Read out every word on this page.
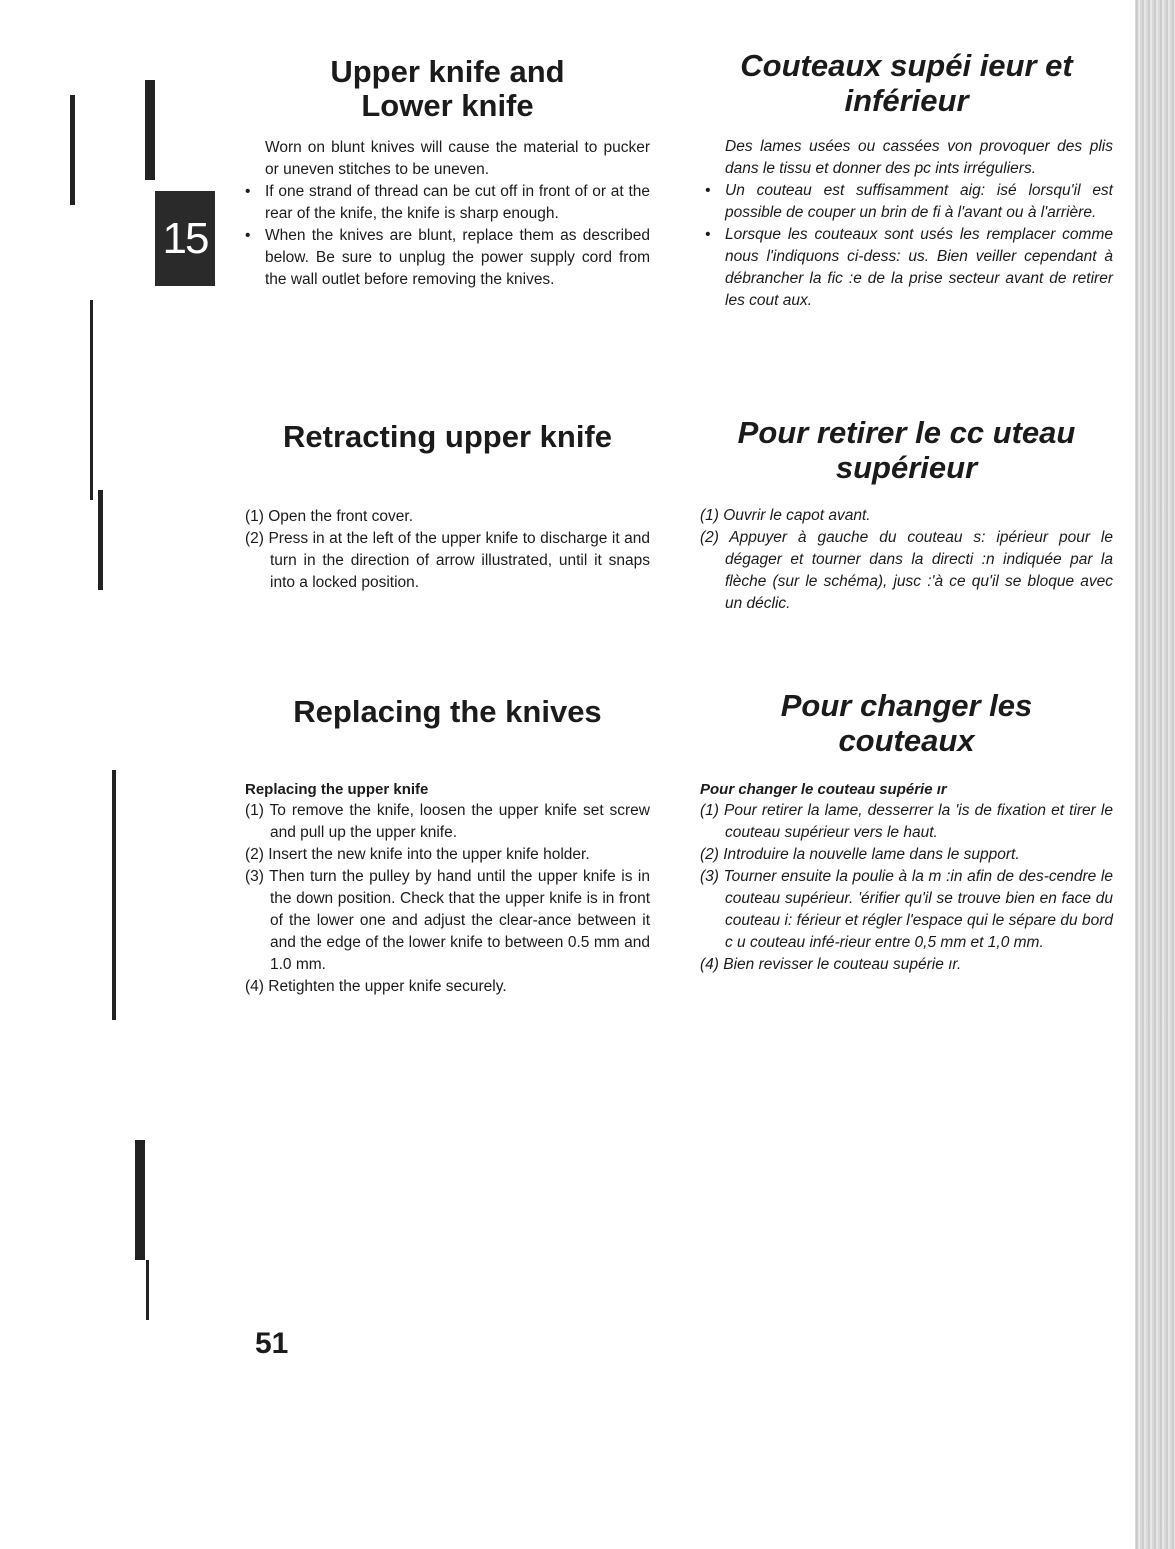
15
Upper knife and
Lower knife

Worn on blunt knives will cause the material to pucker or uneven stitches to be uneven.

• If one strand of thread can be cut off in front of or at the rear of the knife, the knife is sharp enough.
• When the knives are blunt, replace them as described below. Be sure to unplug the power supply cord from the wall outlet before removing the knives.
Couteaux supéi ieur et
inférieur

Des lames usées ou cassées von provoquer des plis dans le tissu et donner des pc ints irréguliers.

• Un couteau est suffisamment aig: isé lorsqu'il est possible de couper un brin de fi à l'avant ou à l'arrière.
• Lorsque les couteaux sont usés les remplacer comme nous l'indiquons ci-dess: us. Bien veiller cependant à débrancher la fic :e de la prise secteur avant de retirer les cout aux.
Retracting upper knife
(1) Open the front cover.
(2) Press in at the left of the upper knife to discharge it and turn in the direction of arrow illustrated, until it snaps into a locked position.
Pour retirer le cc uteau
supérieur
(1) Ouvrir le capot avant.
(2) Appuyer à gauche du couteau s: ipérieur pour le dégager et tourner dans la directi :n indiquée par la flèche (sur le schéma), jusc :'à ce qu'il se bloque avec un déclic.
Replacing the knives
Replacing the upper knife
(1) To remove the knife, loosen the upper knife set screw and pull up the upper knife.
(2) Insert the new knife into the upper knife holder.
(3) Then turn the pulley by hand until the upper knife is in the down position. Check that the upper knife is in front of the lower one and adjust the clear-ance between it and the edge of the lower knife to between 0.5 mm and 1.0 mm.
(4) Retighten the upper knife securely.
Pour changer les
couteaux
Pour changer le couteau supérie ır
(1) Pour retirer la lame, desserrer la 'is de fixation et tirer le couteau supérieur vers le haut.
(2) Introduire la nouvelle lame dans le support.
(3) Tourner ensuite la poulie à la m :in afin de des-cendre le couteau supérieur. 'érifier qu'il se trouve bien en face du couteau i: férieur et régler l'espace qui le sépare du bord c u couteau infé-rieur entre 0,5 mm et 1,0 mm.
(4) Bien revisser le couteau supérie ır.
51
